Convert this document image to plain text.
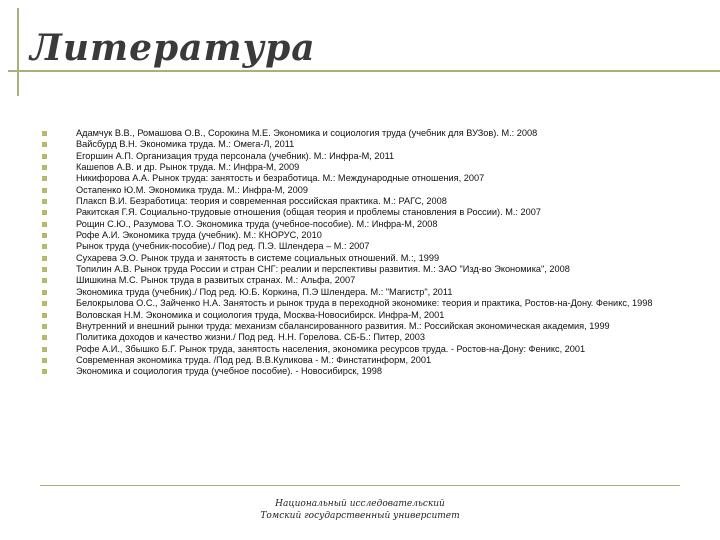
Литература
Адамчук В.В., Ромашова О.В., Сорокина М.Е. Экономика и социология труда (учебник для ВУЗов). М.: 2008
Вайсбурд В.Н. Экономика труда. М.: Омега-Л, 2011
Егоршин А.П. Организация труда персонала (учебник). М.: Инфра-М, 2011
Кашепов А.В. и др. Рынок труда. М.: Инфра-М, 2009
Никифорова А.А. Рынок труда: занятость и безработица. М.: Международные отношения, 2007
Остапенко Ю.М. Экономика труда. М.: Инфра-М, 2009
Плаксп В.И. Безработица: теория и современная российская практика. М.: РАГС, 2008
Ракитская Г.Я. Социально-трудовые отношения (общая теория и проблемы становления в России). М.: 2007
Рощин С.Ю., Разумова Т.О. Экономика труда (учебное-пособие). М.: Инфра-М, 2008
Рофе А.И. Экономика труда (учебник). М.: КНОРУС, 2010
Рынок труда (учебник-пособие)./ Под ред. П.Э. Шлендера – М.: 2007
Сухарева Э.О. Рынок труда и занятость в системе социальных отношений. М.:, 1999
Топилин А.В. Рынок труда России и стран СНГ: реалии и перспективы развития. М.: ЗАО "Изд-во Экономика", 2008
Шишкина М.С. Рынок труда в развитых странах. М.: Альфа, 2007
Экономика труда (учебник)./ Под ред. Ю.Б. Коркина, П.Э Шлендера. М.: "Магистр", 2011
Белокрылова О.С., Зайченко Н.А. Занятость и рынок труда в переходной экономике: теория и практика, Ростов-на-Дону. Феникс, 1998
Воловская Н.М. Экономика и социология труда, Москва-Новосибирск. Инфра-М, 2001
Внутренний и внешний рынки труда: механизм сбалансированного развития. М.: Российская экономическая академия, 1999
Политика доходов и качество жизни./ Под ред. Н.Н. Горелова. СБ-Б.: Питер, 2003
Рофе А.И., Збышко Б.Г. Рынок труда, занятость населения, экономика ресурсов труда. - Ростов-на-Дону: Феникс, 2001
Современная экономика труда. /Под ред. В.В.Куликова - М.: Финстатинформ, 2001
Экономика и социология труда (учебное пособие). - Новосибирск, 1998
Национальный исследовательский
Томский государственный университет
